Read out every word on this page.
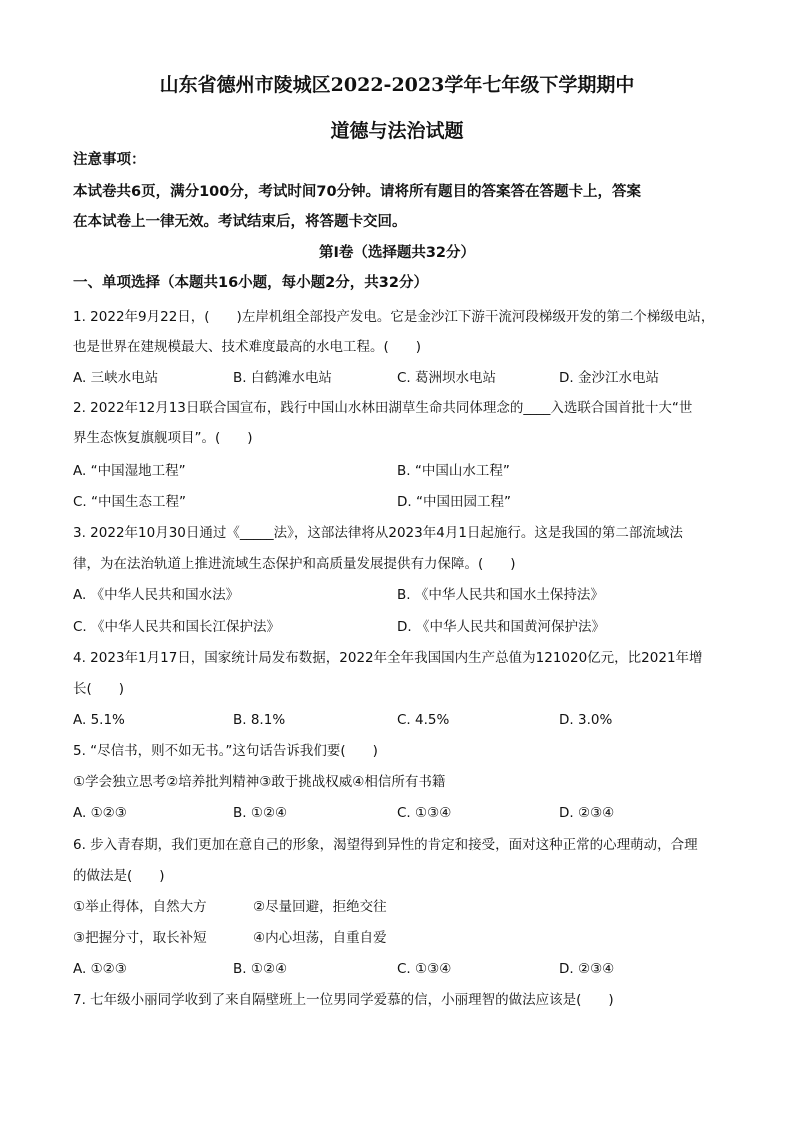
山东省德州市陵城区2022-2023学年七年级下学期期中
道德与法治试题
注意事项：
本试卷共6页，满分100分，考试时间70分钟。请将所有题目的答案答在答题卡上，答案
在本试卷上一律无效。考试结束后，将答题卡交回。
第Ⅰ卷（选择题共32分）
一、单项选择（本题共16小题，每小题2分，共32分）
1. 2022年9月22日，(　　)左岸机组全部投产发电。它是金沙江下游干流河段梯级开发的第二个梯级电站，
也是世界在建规模最大、技术难度最高的水电工程。(　　)
A. 三峡水电站	B. 白鹤滩水电站	C. 葛洲坝水电站	D. 金沙江水电站
2. 2022年12月13日联合国宣布，践行中国山水林田湖草生命共同体理念的____入选联合国首批十大“世
界生态恢复旗舰项目”。(　　)
A. “中国湿地工程”	B. “中国山水工程”
C. “中国生态工程”	D. “中国田园工程”
3. 2022年10月30日通过《_____法》，这部法律将从2023年4月1日起施行。这是我国的第二部流域法
律，为在法治轨道上推进流域生态保护和高质量发展提供有力保障。(　　)
A. 《中华人民共和国水法》	B. 《中华人民共和国水土保持法》
C. 《中华人民共和国长江保护法》	D. 《中华人民共和国黄河保护法》
4. 2023年1月17日，国家统计局发布数据，2022年全年我国国内生产总值为121020亿元，比2021年增
长(　　)
A. 5.1%	B. 8.1%	C. 4.5%	D. 3.0%
5. “尽信书，则不如无书。”这句话告诉我们要(　　)
①学会独立思考②培养批判精神③敢于挑战权威④相信所有书籍
A. ①②③	B. ①②④	C. ①③④	D. ②③④
6. 步入青春期，我们更加在意自己的形象，渴望得到异性的肯定和接受，面对这种正常的心理萌动，合理
的做法是(　　)
①举止得体，自然大方	②尽量回避，拒绝交往
③把握分寸，取长补短	④内心坦荡，自重自爱
A. ①②③	B. ①②④	C. ①③④	D. ②③④
7. 七年级小丽同学收到了来自隔壁班上一位男同学爱慕的信，小丽理智的做法应该是(　　)
